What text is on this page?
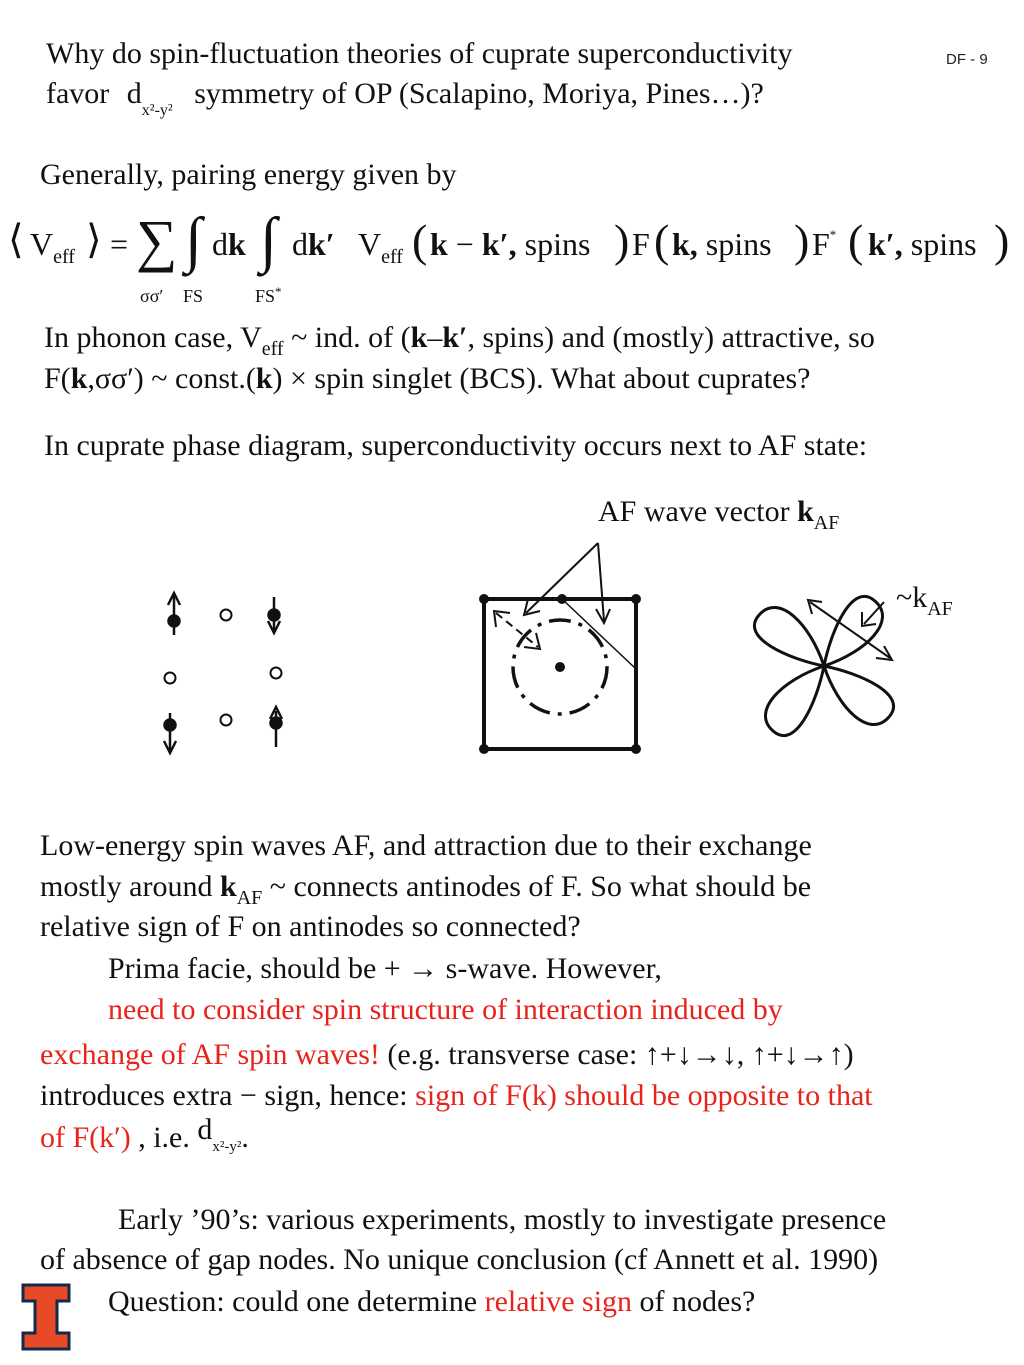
DF - 9
Why do spin-fluctuation theories of cuprate superconductivity
favor $d_{x^2-y^2}$ symmetry of OP (Scalapino, Moriya, Pines…)?
Generally, pairing energy given by
⟨ $V_{eff}$ ⟩ = ∑
σσ′
∫
FS
dk ∫
FS*
dk′ $V_{eff}$ ( k − k′, spins ) F ( k, spins ) F* ( k′, spins )
In phonon case, $V_{eff}$ ~ ind. of (k–k′, spins) and (mostly) attractive, so
F(k,σσ′) ~ const.(k) × spin singlet (BCS). What about cuprates?
In cuprate phase diagram, superconductivity occurs next to AF state:
AF wave vector $k_{AF}$
$\sim k_{AF}$
Low-energy spin waves AF, and attraction due to their exchange
mostly around $k_{AF}$ ~ connects antinodes of F. So what should be
relative sign of F on antinodes so connected?
Prima facie, should be + → s-wave. However,
need to consider spin structure of interaction induced by
exchange of AF spin waves! (e.g. transverse case: ↑+↓→↓, ↑+↓→↑)
introduces extra − sign, hence: sign of F(k) should be opposite to that
of F(k′) , i.e. dx²-y².
Early ’90’s: various experiments, mostly to investigate presence
of absence of gap nodes. No unique conclusion (cf Annett et al. 1990)
Question: could one determine relative sign of nodes?
